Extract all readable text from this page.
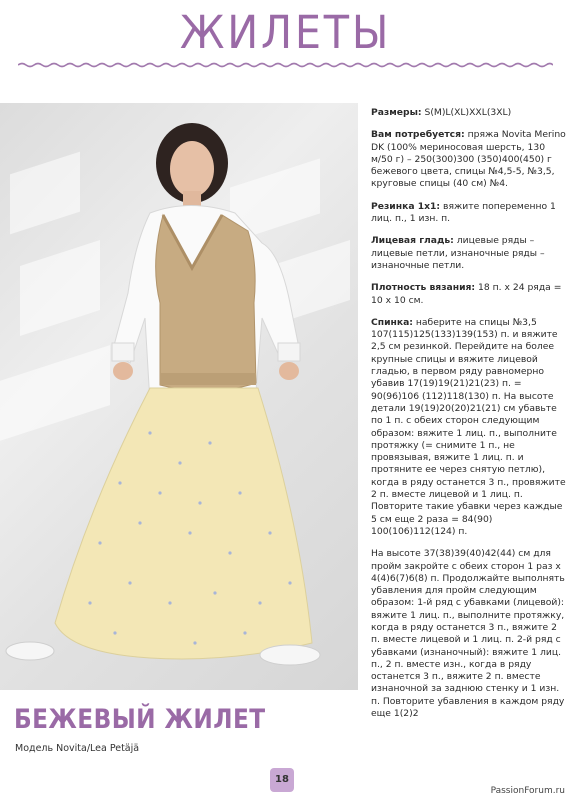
ЖИЛЕТЫ
БЕЖЕВЫЙ ЖИЛЕТ
Модель Novita/Lea Petäjä

Размеры: S(M)L(XL)XXL(3XL)

Вам потребуется: пряжа Novita Merino DK (100% мериносовая шерсть, 130 м/50 г) – 250(300)300 (350)400(450) г бежевого цвета, спицы №4,5-5, №3,5, круговые спицы (40 см) №4.

Резинка 1х1: вяжите попеременно 1 лиц. п., 1 изн. п.

Лицевая гладь: лицевые ряды – лицевые петли, изнаночные ряды – изнаночные петли.

Плотность вязания: 18 п. х 24 ряда = 10 х 10 см.

Спинка: наберите на спицы №3,5 107(115)125(133)139(153) п. и вяжите 2,5 см резинкой. Перейдите на более крупные спицы и вяжите лицевой гладью, в первом ряду равномерно убавив 17(19)19(21)21(23) п. = 90(96)106 (112)118(130) п. На высоте детали 19(19)20(20)21(21) см убавьте по 1 п. с обеих сторон следующим образом: вяжите 1 лиц. п., выполните протяжку (= снимите 1 п., не провязывая, вяжите 1 лиц. п. и протяните ее через снятую петлю), когда в ряду останется 3 п., провяжите 2 п. вместе лицевой и 1 лиц. п. Повторите такие убавки через каждые 5 см еще 2 раза = 84(90) 100(106)112(124) п.

На высоте 37(38)39(40)42(44) см для пройм закройте с обеих сторон 1 раз х 4(4)6(7)6(8) п. Продолжайте выполнять убавления для пройм следующим образом: 1-й ряд с убавками (лицевой): вяжите 1 лиц. п., выполните протяжку, когда в ряду останется 3 п., вяжите 2 п. вместе лицевой и 1 лиц. п. 2-й ряд с убавками (изнаночный): вяжите 1 лиц. п., 2 п. вместе изн., когда в ряду останется 3 п., вяжите 2 п. вместе изнаночной за заднюю стенку и 1 изн. п. Повторите убавления в каждом ряду еще 1(2)2

18
PassionForum.ru
